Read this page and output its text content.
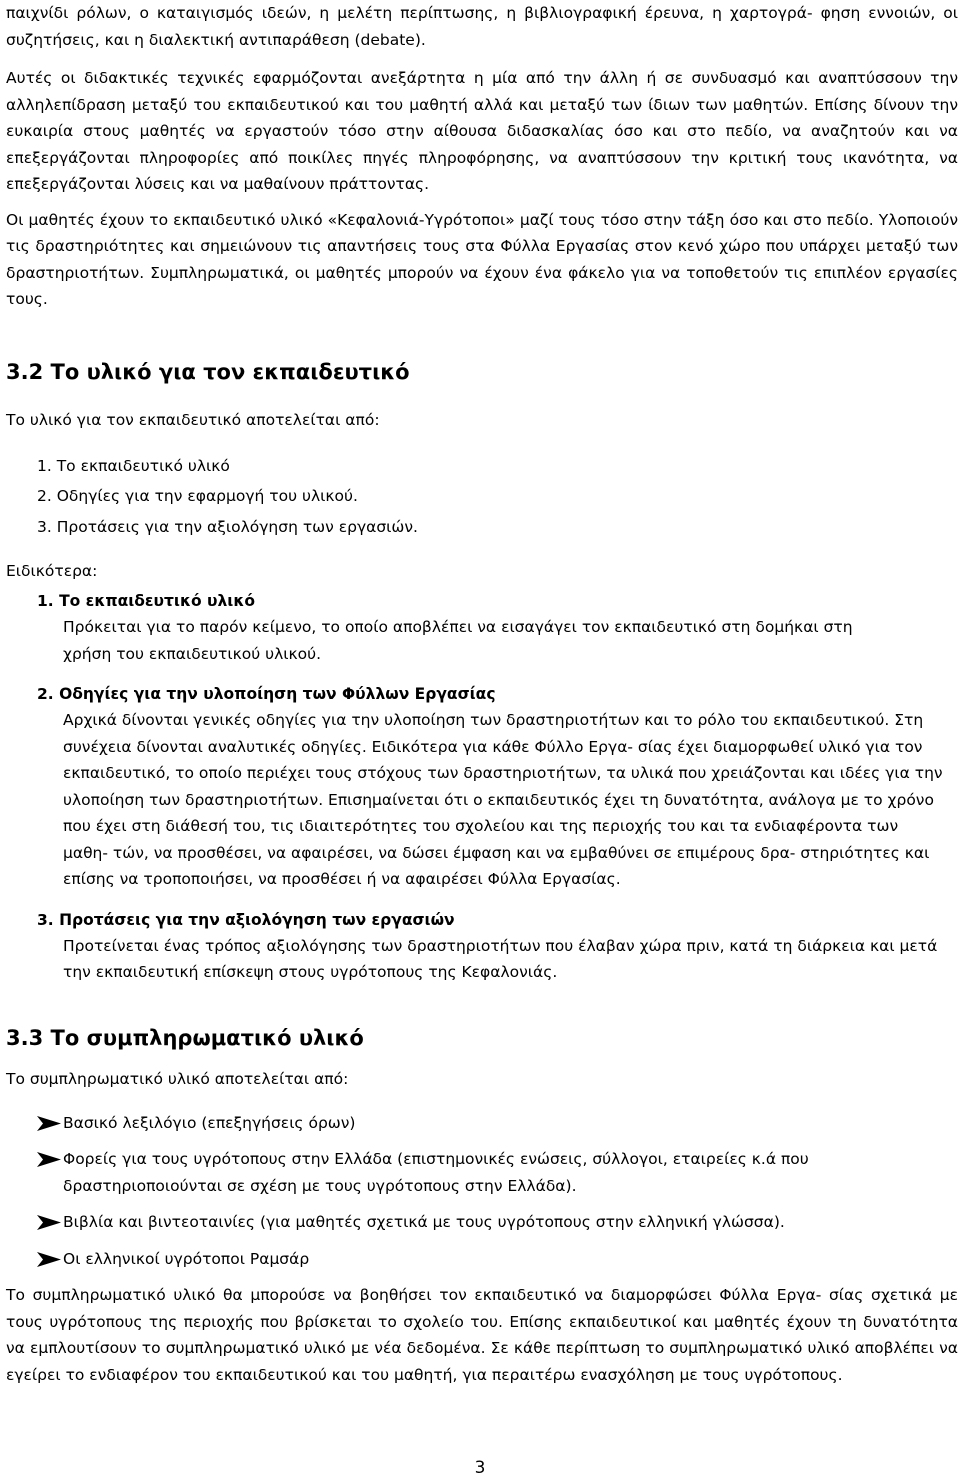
παιχνίδι ρόλων, ο καταιγισμός ιδεών, η μελέτη περίπτωσης, η βιβλιογραφική έρευνα, η χαρτογρά- φηση εννοιών, οι συζητήσεις, και η διαλεκτική αντιπαράθεση (debate).

Αυτές οι διδακτικές τεχνικές εφαρμόζονται ανεξάρτητα η μία από την άλλη ή σε συνδυασμό και αναπτύσσουν την αλληλεπίδραση μεταξύ του εκπαιδευτικού και του μαθητή αλλά και μεταξύ των ίδιων των μαθητών. Επίσης δίνουν την ευκαιρία στους μαθητές να εργαστούν τόσο στην αίθουσα διδασκαλίας όσο και στο πεδίο, να αναζητούν και να επεξεργάζονται πληροφορίες από ποικίλες πηγές πληροφόρησης, να αναπτύσσουν την κριτική τους ικανότητα, να επεξεργάζονται λύσεις και να μαθαίνουν πράττοντας.

Οι μαθητές έχουν το εκπαιδευτικό υλικό «Κεφαλονιά-Υγρότοποι» μαζί τους τόσο στην τάξη όσο και στο πεδίο. Υλοποιούν τις δραστηριότητες και σημειώνουν τις απαντήσεις τους στα Φύλλα Εργασίας στον κενό χώρο που υπάρχει μεταξύ των δραστηριοτήτων. Συμπληρωματικά, οι μαθητές μπορούν να έχουν ένα φάκελο για να τοποθετούν τις επιπλέον εργασίες τους.

3.2 Το υλικό για τον εκπαιδευτικό

Το υλικό για τον εκπαιδευτικό αποτελείται από:

1. Το εκπαιδευτικό υλικό
2. Οδηγίες για την εφαρμογή του υλικού.
3. Προτάσεις για την αξιολόγηση των εργασιών.

Ειδικότερα:

1. Το εκπαιδευτικό υλικό
Πρόκειται για το παρόν κείμενο, το οποίο αποβλέπει να εισαγάγει τον εκπαιδευτικό στη δομήκαι στη χρήση του εκπαιδευτικού υλικού.
2. Οδηγίες για την υλοποίηση των Φύλλων Εργασίας
Αρχικά δίνονται γενικές οδηγίες για την υλοποίηση των δραστηριοτήτων και το ρόλο του εκπαιδευτικού. Στη συνέχεια δίνονται αναλυτικές οδηγίες. Ειδικότερα για κάθε Φύλλο Εργα- σίας έχει διαμορφωθεί υλικό για τον εκπαιδευτικό, το οποίο περιέχει τους στόχους των δραστηριοτήτων, τα υλικά που χρειάζονται και ιδέες για την υλοποίηση των δραστηριοτήτων. Επισημαίνεται ότι ο εκπαιδευτικός έχει τη δυνατότητα, ανάλογα με το χρόνο που έχει στη διάθεσή του, τις ιδιαιτερότητες του σχολείου και της περιοχής του και τα ενδιαφέροντα των μαθη- τών, να προσθέσει, να αφαιρέσει, να δώσει έμφαση και να εμβαθύνει σε επιμέρους δρα- στηριότητες και επίσης να τροποποιήσει, να προσθέσει ή να αφαιρέσει Φύλλα Εργασίας.
3. Προτάσεις για την αξιολόγηση των εργασιών
Προτείνεται ένας τρόπος αξιολόγησης των δραστηριοτήτων που έλαβαν χώρα πριν, κατά τη διάρκεια και μετά την εκπαιδευτική επίσκεψη στους υγρότοπους της Κεφαλονιάς.
3.3 Το συμπληρωματικό υλικό

Το συμπληρωματικό υλικό αποτελείται από:

Βασικό λεξιλόγιο (επεξηγήσεις όρων)
Φορείς για τους υγρότοπους στην Ελλάδα (επιστημονικές ενώσεις, σύλλογοι, εταιρείες κ.ά που δραστηριοποιούνται σε σχέση με τους υγρότοπους στην Ελλάδα).
Βιβλία και βιντεοταινίες (για μαθητές σχετικά με τους υγρότοπους στην ελληνική γλώσσα).
Οι ελληνικοί υγρότοποι Ραμσάρ

Το συμπληρωματικό υλικό θα μπορούσε να βοηθήσει τον εκπαιδευτικό να διαμορφώσει Φύλλα Εργα- σίας σχετικά με τους υγρότοπους της περιοχής που βρίσκεται το σχολείο του. Επίσης εκπαιδευτικοί και μαθητές έχουν τη δυνατότητα να εμπλουτίσουν το συμπληρωματικό υλικό με νέα δεδομένα. Σε κάθε περίπτωση το συμπληρωματικό υλικό αποβλέπει να εγείρει το ενδιαφέρον του εκπαιδευτικού και του μαθητή, για περαιτέρω ενασχόληση με τους υγρότοπους.

3
